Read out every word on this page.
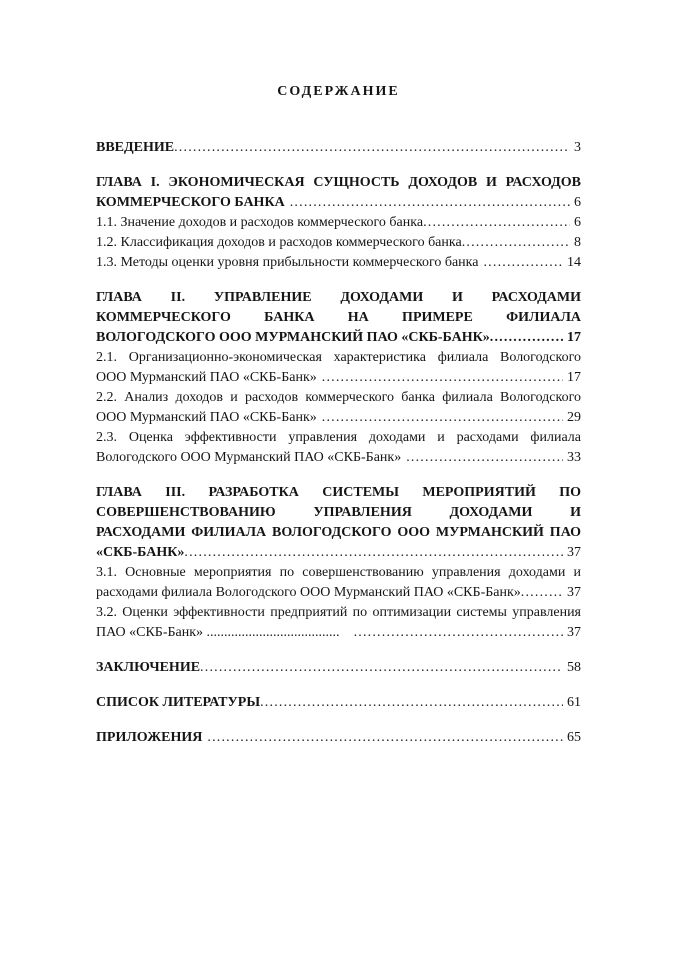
СОДЕРЖАНИЕ
ВВЕДЕНИЕ .....	3
ГЛАВА I. ЭКОНОМИЧЕСКАЯ СУЩНОСТЬ ДОХОДОВ И РАСХОДОВ
КОММЕРЧЕСКОГО БАНКА .....	6
1.1. Значение доходов и расходов коммерческого банка .....	6
1.2. Классификация доходов и расходов коммерческого банка .....	8
1.3. Методы оценки уровня прибыльности коммерческого банка .....	14
ГЛАВА II. УПРАВЛЕНИЕ ДОХОДАМИ И РАСХОДАМИ
КОММЕРЧЕСКОГО БАНКА НА ПРИМЕРЕ ФИЛИАЛА
ВОЛОГОДСКОГО ООО МУРМАНСКИЙ ПАО «СКБ-БАНК» .....	17
2.1. Организационно-экономическая характеристика филиала Вологодского
ООО Мурманский ПАО «СКБ-Банк» .....	17
2.2. Анализ доходов и расходов коммерческого банка филиала Вологодского
ООО Мурманский ПАО «СКБ-Банк» .....	29
2.3. Оценка эффективности управления доходами и расходами филиала
Вологодского ООО Мурманский ПАО «СКБ-Банк» .....	33
ГЛАВА III. РАЗРАБОТКА СИСТЕМЫ МЕРОПРИЯТИЙ ПО
СОВЕРШЕНСТВОВАНИЮ УПРАВЛЕНИЯ ДОХОДАМИ И
РАСХОДАМИ ФИЛИАЛА ВОЛОГОДСКОГО ООО МУРМАНСКИЙ ПАО
«СКБ-БАНК» .....	37
3.1. Основные мероприятия по совершенствованию управления доходами и
расходами филиала Вологодского ООО Мурманский ПАО «СКБ-Банк» .....	37
3.2. Оценки эффективности предприятий по оптимизации системы управления
ПАО «СКБ-Банк» ...................................... .....	37
ЗАКЛЮЧЕНИЕ .....	58
СПИСОК ЛИТЕРАТУРЫ .....	61
ПРИЛОЖЕНИЯ .....	65
